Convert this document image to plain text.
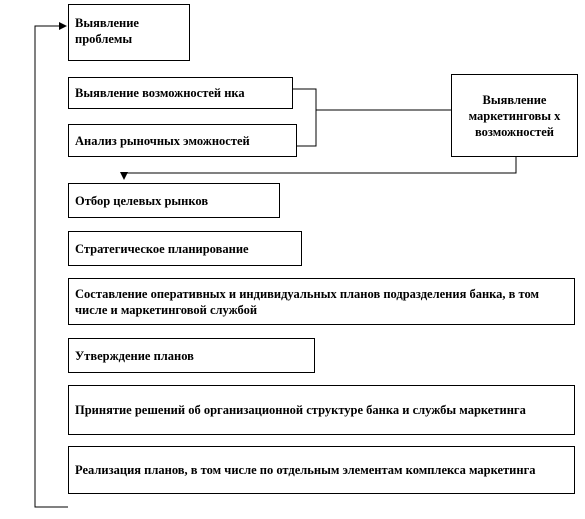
Выявление проблемы
Выявление возможностей нка
Анализ рыночных эможностей
Выявление маркетинговы х возможностей
Отбор целевых рынков
Стратегическое планирование
Составление оперативных и индивидуальных планов подразделения банка, в том числе и маркетинговой службой
Утверждение планов
Принятие решений об организационной структуре банка и службы маркетинга
Реализация планов, в том числе по отдельным элементам комплекса маркетинга
